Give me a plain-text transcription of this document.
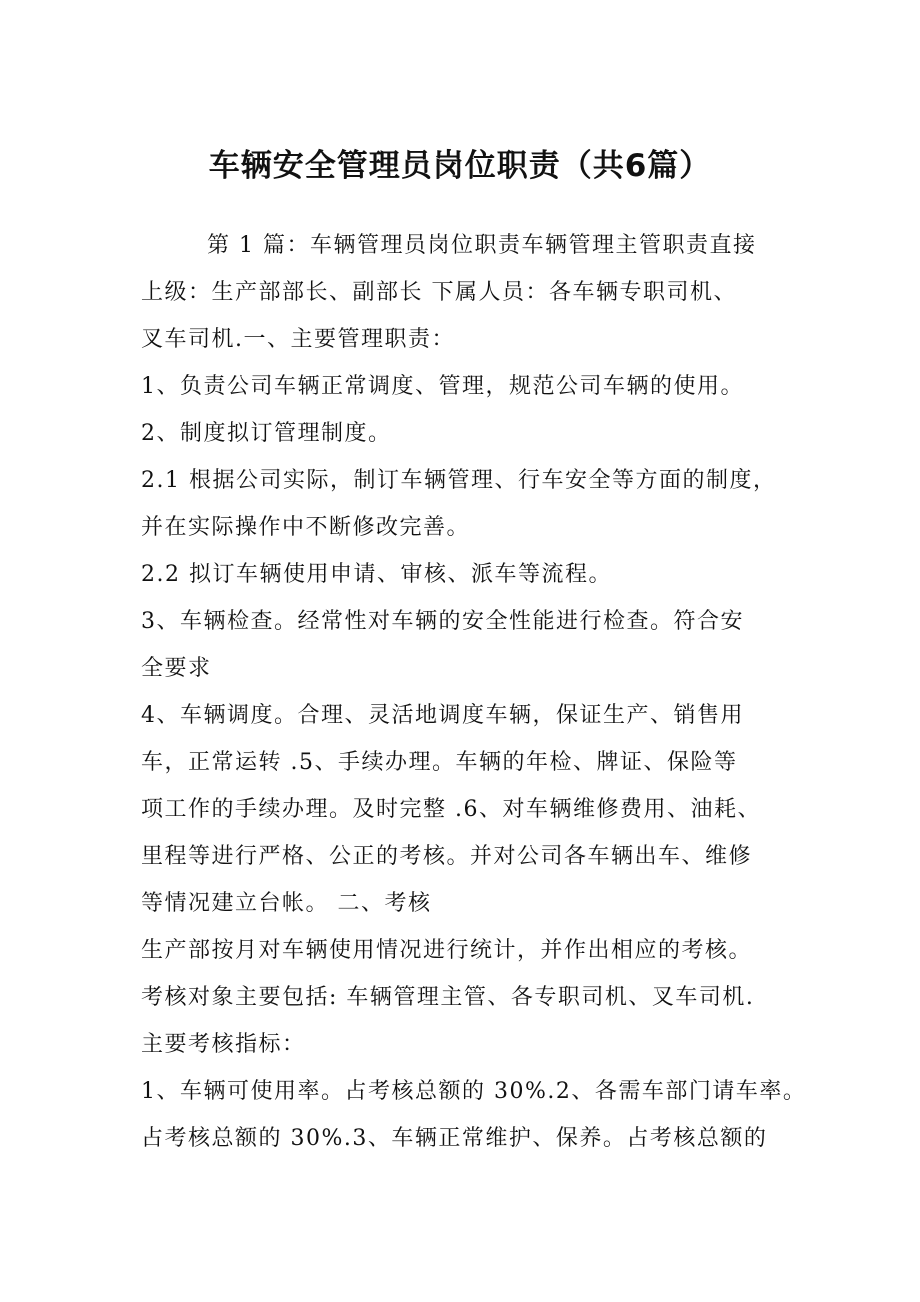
车辆安全管理员岗位职责（共6篇）

第 1 篇：车辆管理员岗位职责车辆管理主管职责直接

上级：生产部部长、副部长 下属人员：各车辆专职司机、

叉车司机.一、主要管理职责：

1、负责公司车辆正常调度、管理，规范公司车辆的使用。

2、制度拟订管理制度。

2.1 根据公司实际，制订车辆管理、行车安全等方面的制度，

并在实际操作中不断修改完善。

2.2 拟订车辆使用申请、审核、派车等流程。

3、车辆检查。经常性对车辆的安全性能进行检查。符合安

全要求

4、车辆调度。合理、灵活地调度车辆，保证生产、销售用

车，正常运转 .5、手续办理。车辆的年检、牌证、保险等

项工作的手续办理。及时完整 .6、对车辆维修费用、油耗、

里程等进行严格、公正的考核。并对公司各车辆出车、维修

等情况建立台帐。 二、考核

生产部按月对车辆使用情况进行统计，并作出相应的考核。

考核对象主要包括: 车辆管理主管、各专职司机、叉车司机.

主要考核指标：

1、车辆可使用率。占考核总额的 30%.2、各需车部门请车率。

占考核总额的 30%.3、车辆正常维护、保养。占考核总额的
